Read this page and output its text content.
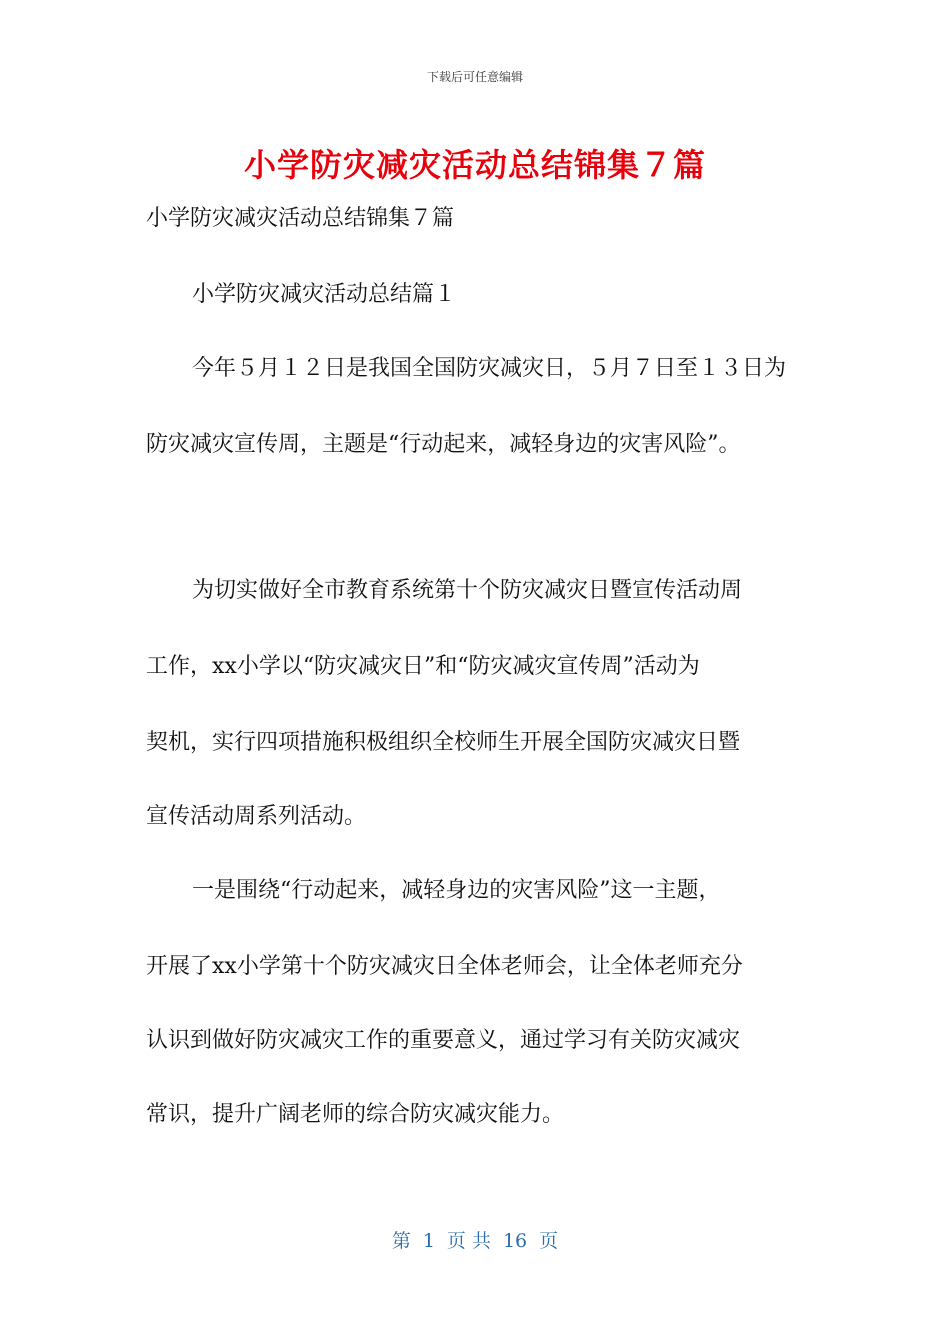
下载后可任意编辑
小学防灾减灾活动总结锦集７篇
小学防灾减灾活动总结锦集７篇
小学防灾减灾活动总结篇１
今年５月１２日是我国全国防灾减灾日，５月７日至１３日为
防灾减灾宣传周，主题是“行动起来，减轻身边的灾害风险”。
为切实做好全市教育系统第十个防灾减灾日暨宣传活动周
工作，xx小学以“防灾减灾日”和“防灾减灾宣传周”活动为
契机，实行四项措施积极组织全校师生开展全国防灾减灾日暨
宣传活动周系列活动。
一是围绕“行动起来，减轻身边的灾害风险”这一主题，
开展了xx小学第十个防灾减灾日全体老师会，让全体老师充分
认识到做好防灾减灾工作的重要意义，通过学习有关防灾减灾
常识，提升广阔老师的综合防灾减灾能力。
第 1 页 共 16 页
